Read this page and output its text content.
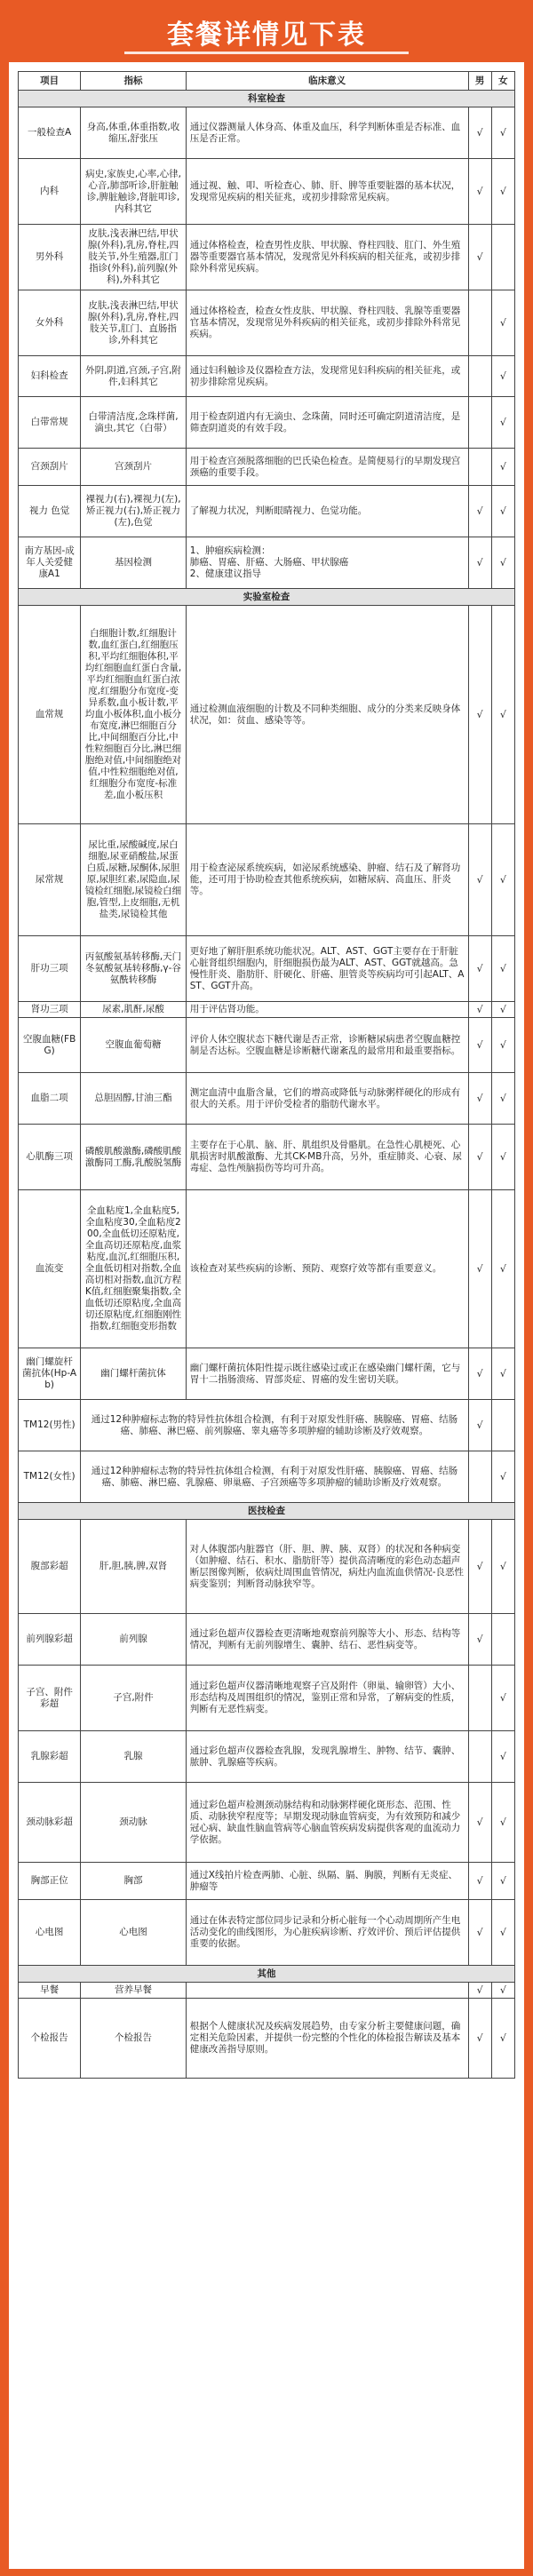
套餐详情见下表
项目	指标	临床意义	男	女
科室检查				
一般检查A	身高,体重,体重指数,收缩压,舒张压	通过仪器测量人体身高、体重及血压，科学判断体重是否标准、血压是否正常。	√	√
内科	病史,家族史,心率,心律,心音,肺部听诊,肝脏触诊,脾脏触诊,肾脏叩诊,内科其它	通过视、触、叩、听检查心、肺、肝、脾等重要脏器的基本状况，发现常见疾病的相关征兆，或初步排除常见疾病。	√	√
男外科	皮肤,浅表淋巴结,甲状腺(外科),乳房,脊柱,四肢关节,外生殖器,肛门指诊(外科),前列腺(外科),外科其它	通过体格检查，检查男性皮肤、甲状腺、脊柱四肢、肛门、外生殖器等重要器官基本情况，发现常见外科疾病的相关征兆，或初步排除外科常见疾病。	√	
女外科	皮肤,浅表淋巴结,甲状腺(外科),乳房,脊柱,四肢关节,肛门、直肠指诊,外科其它	通过体格检查，检查女性皮肤、甲状腺、脊柱四肢、乳腺等重要器官基本情况，发现常见外科疾病的相关征兆，或初步排除外科常见疾病。		√
妇科检查	外阴,阴道,宫颈,子宫,附件,妇科其它	通过妇科触诊及仪器检查方法，发现常见妇科疾病的相关征兆，或初步排除常见疾病。		√
白带常规	白带清洁度,念珠样菌,滴虫,其它（白带）	用于检查阴道内有无滴虫、念珠菌，同时还可确定阴道清洁度，是筛查阴道炎的有效手段。		√
宫颈刮片	宫颈刮片	用于检查宫颈脱落细胞的巴氏染色检查。是简便易行的早期发现宫颈癌的重要手段。		√
视力 色觉	裸视力(右),裸视力(左),矫正视力(右),矫正视力(左),色觉	了解视力状况，判断眼睛视力、色觉功能。	√	√
南方基因-成年人关爱健康A1	基因检测	1、肿瘤疾病检测：
肺癌、胃癌、肝癌、大肠癌、甲状腺癌
2、健康建议指导	√	√
实验室检查				
血常规	白细胞计数,红细胞计数,血红蛋白,红细胞压积,平均红细胞体积,平均红细胞血红蛋白含量,平均红细胞血红蛋白浓度,红细胞分布宽度-变异系数,血小板计数,平均血小板体积,血小板分布宽度,淋巴细胞百分比,中间细胞百分比,中性粒细胞百分比,淋巴细胞绝对值,中间细胞绝对值,中性粒细胞绝对值,红细胞分布宽度-标准差,血小板压积	通过检测血液细胞的计数及不同种类细胞、成分的分类来反映身体状况，如：贫血、感染等等。	√	√
尿常规	尿比重,尿酸碱度,尿白细胞,尿亚硝酸盐,尿蛋白质,尿糖,尿酮体,尿胆原,尿胆红素,尿隐血,尿镜检红细胞,尿镜检白细胞,管型,上皮细胞,无机盐类,尿镜检其他	用于检查泌尿系统疾病，如泌尿系统感染、肿瘤、结石及了解肾功能，还可用于协助检查其他系统疾病，如糖尿病、高血压、肝炎等。	√	√
肝功三项	丙氨酸氨基转移酶,天门冬氨酸氨基转移酶,γ-谷氨酰转移酶	更好地了解肝胆系统功能状况。ALT、AST、GGT主要存在于肝脏心脏肾组织细胞内，肝细胞损伤最为ALT、AST、GGT就越高。急慢性肝炎、脂肪肝、肝硬化、肝癌、胆管炎等疾病均可引起ALT、AST、GGT升高。	√	√
肾功三项	尿素,肌酐,尿酸	用于评估肾功能。	√	√
空腹血糖(FBG)	空腹血葡萄糖	评价人体空腹状态下糖代谢是否正常，诊断糖尿病患者空腹血糖控制是否达标。空腹血糖是诊断糖代谢紊乱的最常用和最重要指标。	√	√
血脂二项	总胆固醇,甘油三酯	测定血清中血脂含量，它们的增高或降低与动脉粥样硬化的形成有很大的关系。用于评价受检者的脂肪代谢水平。	√	√
心肌酶三项	磷酸肌酸激酶,磷酸肌酸激酶同工酶,乳酸脱氢酶	主要存在于心肌、脑、肝、肌组织及骨骼肌。在急性心肌梗死、心肌损害时肌酸激酶、尤其CK-MB升高，另外，重症肺炎、心衰、尿毒症、急性颅脑损伤等均可升高。	√	√
血流变	全血粘度1,全血粘度5,全血粘度30,全血粘度200,全血低切还原粘度,全血高切还原粘度,血浆粘度,血沉,红细胞压积,全血低切相对指数,全血高切相对指数,血沉方程K值,红细胞聚集指数,全血低切还原粘度,全血高切还原粘度,红细胞刚性指数,红细胞变形指数	该检查对某些疾病的诊断、预防、观察疗效等都有重要意义。	√	√
幽门螺旋杆菌抗体(Hp-Ab)	幽门螺杆菌抗体	幽门螺杆菌抗体阳性提示既往感染过或正在感染幽门螺杆菌，它与胃十二指肠溃疡、胃部炎症、胃癌的发生密切关联。	√	√
TM12(男性)	通过12种肿瘤标志物的特异性抗体组合检测，有利于对原发性肝癌、胰腺癌、胃癌、结肠癌、肺癌、淋巴癌、前列腺癌、睾丸癌等多项肿瘤的辅助诊断及疗效观察。		√	
TM12(女性)	通过12种肿瘤标志物的特异性抗体组合检测，有利于对原发性肝癌、胰腺癌、胃癌、结肠癌、肺癌、淋巴癌、乳腺癌、卵巢癌、子宫颈癌等多项肿瘤的辅助诊断及疗效观察。			√
医技检查				
腹部彩超	肝,胆,胰,脾,双肾	对人体腹部内脏器官（肝、胆、脾、胰、双肾）的状况和各种病变（如肿瘤、结石、积水、脂肪肝等）提供高清晰度的彩色动态超声断层图像判断，依病灶周围血管情况，病灶内血流血供情况-良恶性病变鉴别；判断肾动脉狭窄等。	√	√
前列腺彩超	前列腺	通过彩色超声仪器检查更清晰地观察前列腺等大小、形态、结构等情况，判断有无前列腺增生、囊肿、结石、恶性病变等。	√	
子宫、附件彩超	子宫,附件	通过彩色超声仪器清晰地观察子宫及附件（卵巢、输卵管）大小、形态结构及周围组织的情况，鉴别正常和异常，了解病变的性质，判断有无恶性病变。		√
乳腺彩超	乳腺	通过彩色超声仪器检查乳腺，发现乳腺增生、肿物、结节、囊肿、脓肿、乳腺癌等疾病。		√
颈动脉彩超	颈动脉	通过彩色超声检测颈动脉结构和动脉粥样硬化斑形态、范围、性质、动脉狭窄程度等；早期发现动脉血管病变，为有效预防和减少冠心病、缺血性脑血管病等心脑血管疾病发病提供客观的血流动力学依据。	√	√
胸部正位	胸部	通过X线拍片检查两肺、心脏、纵隔、膈、胸膜，判断有无炎症、肿瘤等	√	√
心电图	心电图	通过在体表特定部位同步记录和分析心脏每一个心动周期所产生电活动变化的曲线图形，为心脏疾病诊断、疗效评价、预后评估提供重要的依据。	√	√
其他				
早餐	营养早餐		√	√
个检报告	个检报告	根据个人健康状况及疾病发展趋势，由专家分析主要健康问题，确定相关危险因素，并提供一份完整的个性化的体检报告解读及基本健康改善指导原则。	√	√
